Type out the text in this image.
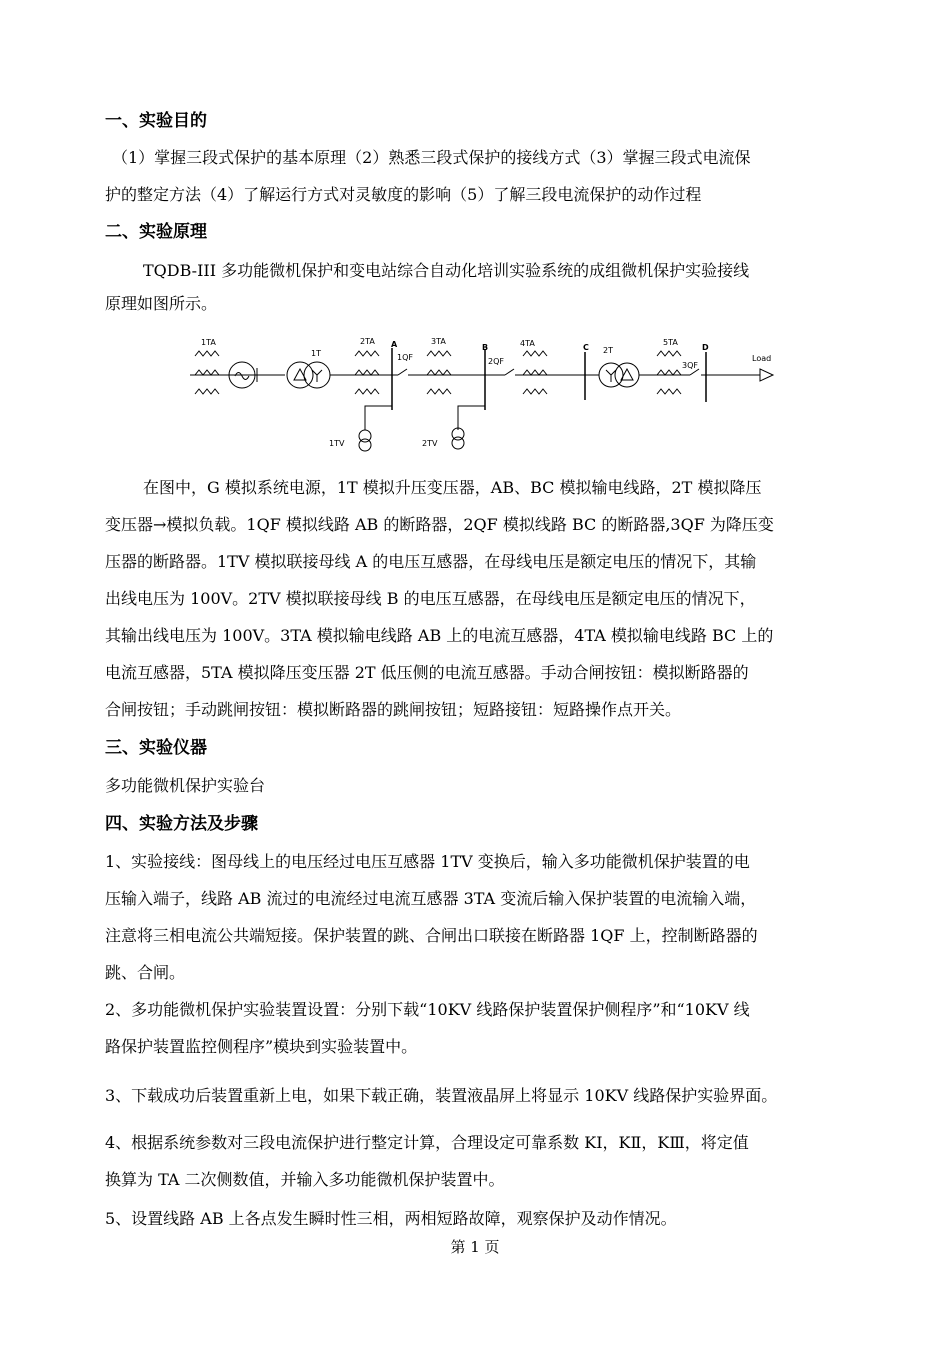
一、实验目的
（1）掌握三段式保护的基本原理（2）熟悉三段式保护的接线方式（3）掌握三段式电流保
护的整定方法（4）了解运行方式对灵敏度的影响（5）了解三段电流保护的动作过程
二、实验原理
TQDB-III 多功能微机保护和变电站综合自动化培训实验系统的成组微机保护实验接线
原理如图所示。
1TA
1T
2TA A
1QF
3TA
B
2QF
4TA	C 2T
5TA
D
3QF
Load
1TV	2TV
在图中，G 模拟系统电源，1T 模拟升压变压器，AB、BC 模拟输电线路，2T 模拟降压
变压器→模拟负载。1QF 模拟线路 AB 的断路器，2QF 模拟线路 BC 的断路器,3QF 为降压变
压器的断路器。1TV 模拟联接母线 A 的电压互感器，在母线电压是额定电压的情况下，其输
出线电压为 100V。2TV 模拟联接母线 B 的电压互感器，在母线电压是额定电压的情况下，
其输出线电压为 100V。3TA 模拟输电线路 AB 上的电流互感器，4TA 模拟输电线路 BC 上的
电流互感器，5TA 模拟降压变压器 2T 低压侧的电流互感器。手动合闸按钮：模拟断路器的
合闸按钮；手动跳闸按钮：模拟断路器的跳闸按钮；短路接钮：短路操作点开关。
三、实验仪器
多功能微机保护实验台
四、实验方法及步骤
1、实验接线：图母线上的电压经过电压互感器 1TV 变换后，输入多功能微机保护装置的电
压输入端子，线路 AB 流过的电流经过电流互感器 3TA 变流后输入保护装置的电流输入端，
注意将三相电流公共端短接。保护装置的跳、合闸出口联接在断路器 1QF 上，控制断路器的
跳、合闸。
2、多功能微机保护实验装置设置：分别下载“10KV 线路保护装置保护侧程序”和“10KV 线
路保护装置监控侧程序”模块到实验装置中。
3、下载成功后装置重新上电，如果下载正确，装置液晶屏上将显示 10KV 线路保护实验界面。
4、根据系统参数对三段电流保护进行整定计算，合理设定可靠系数 KⅠ，KⅡ，KⅢ，将定值
换算为 TA 二次侧数值，并输入多功能微机保护装置中。
5、设置线路 AB 上各点发生瞬时性三相，两相短路故障，观察保护及动作情况。
第 1 页
